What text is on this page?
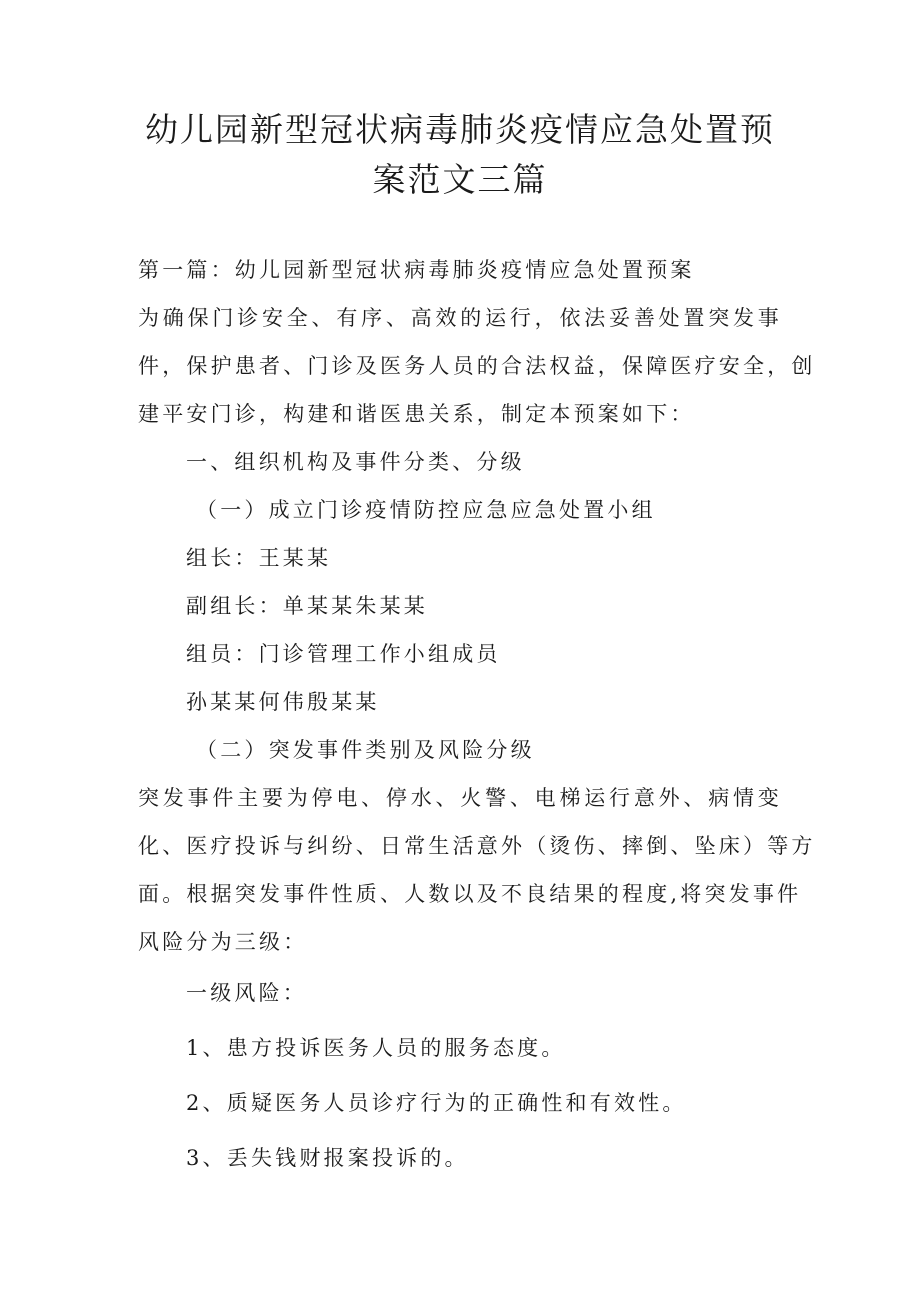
幼儿园新型冠状病毒肺炎疫情应急处置预
案范文三篇

第一篇：幼儿园新型冠状病毒肺炎疫情应急处置预案

为确保门诊安全、有序、高效的运行，依法妥善处置突发事

件，保护患者、门诊及医务人员的合法权益，保障医疗安全，创

建平安门诊，构建和谐医患关系，制定本预案如下：

一、组织机构及事件分类、分级

（一）成立门诊疫情防控应急应急处置小组

组长：王某某

副组长：单某某朱某某

组员：门诊管理工作小组成员

孙某某何伟殷某某

（二）突发事件类别及风险分级

突发事件主要为停电、停水、火警、电梯运行意外、病情变

化、医疗投诉与纠纷、日常生活意外（烫伤、摔倒、坠床）等方

面。根据突发事件性质、人数以及不良结果的程度,将突发事件

风险分为三级：

一级风险：

1、患方投诉医务人员的服务态度。

2、质疑医务人员诊疗行为的正确性和有效性。

3、丢失钱财报案投诉的。
